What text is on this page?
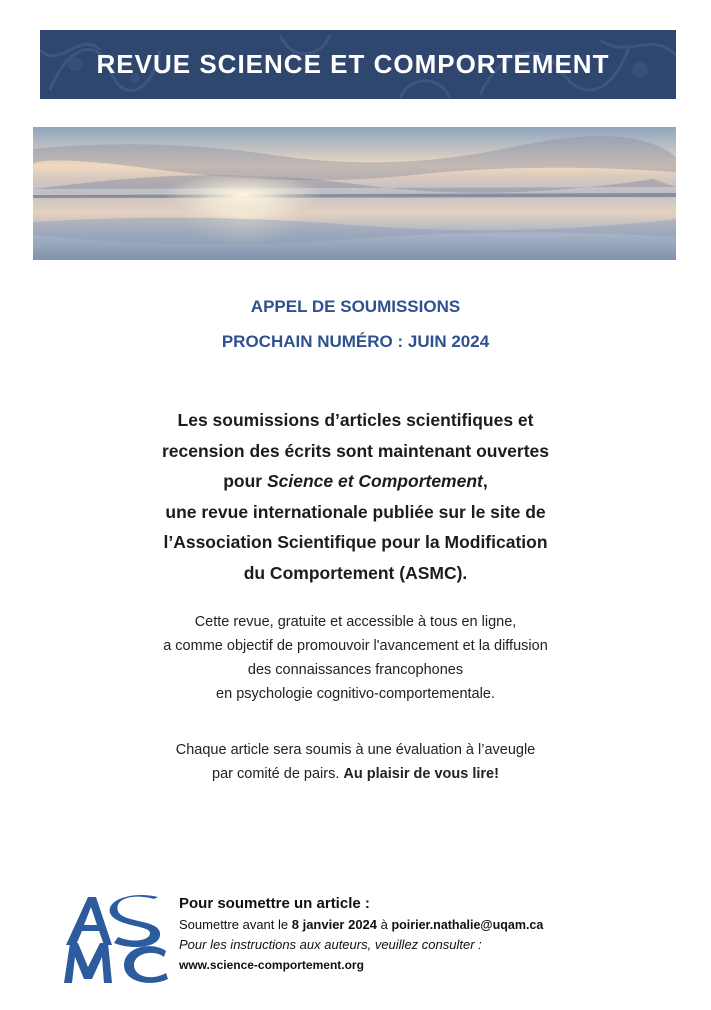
REVUE SCIENCE ET COMPORTEMENT
APPEL DE SOUMISSIONS
PROCHAIN NUMÉRO : JUIN 2024
Les soumissions d’articles scientifiques et
recension des écrits sont maintenant ouvertes
pour Science et Comportement,
une revue internationale publiée sur le site de
l’Association Scientifique pour la Modification
du Comportement (ASMC).
Cette revue, gratuite et accessible à tous en ligne,
a comme objectif de promouvoir l'avancement et la diffusion
des connaissances francophones
en psychologie cognitivo-comportementale.
Chaque article sera soumis à une évaluation à l’aveugle
par comité de pairs. Au plaisir de vous lire!
Pour soumettre un article :
Soumettre avant le 8 janvier 2024 à poirier.nathalie@uqam.ca
Pour les instructions aux auteurs, veuillez consulter :
www.science-comportement.org
